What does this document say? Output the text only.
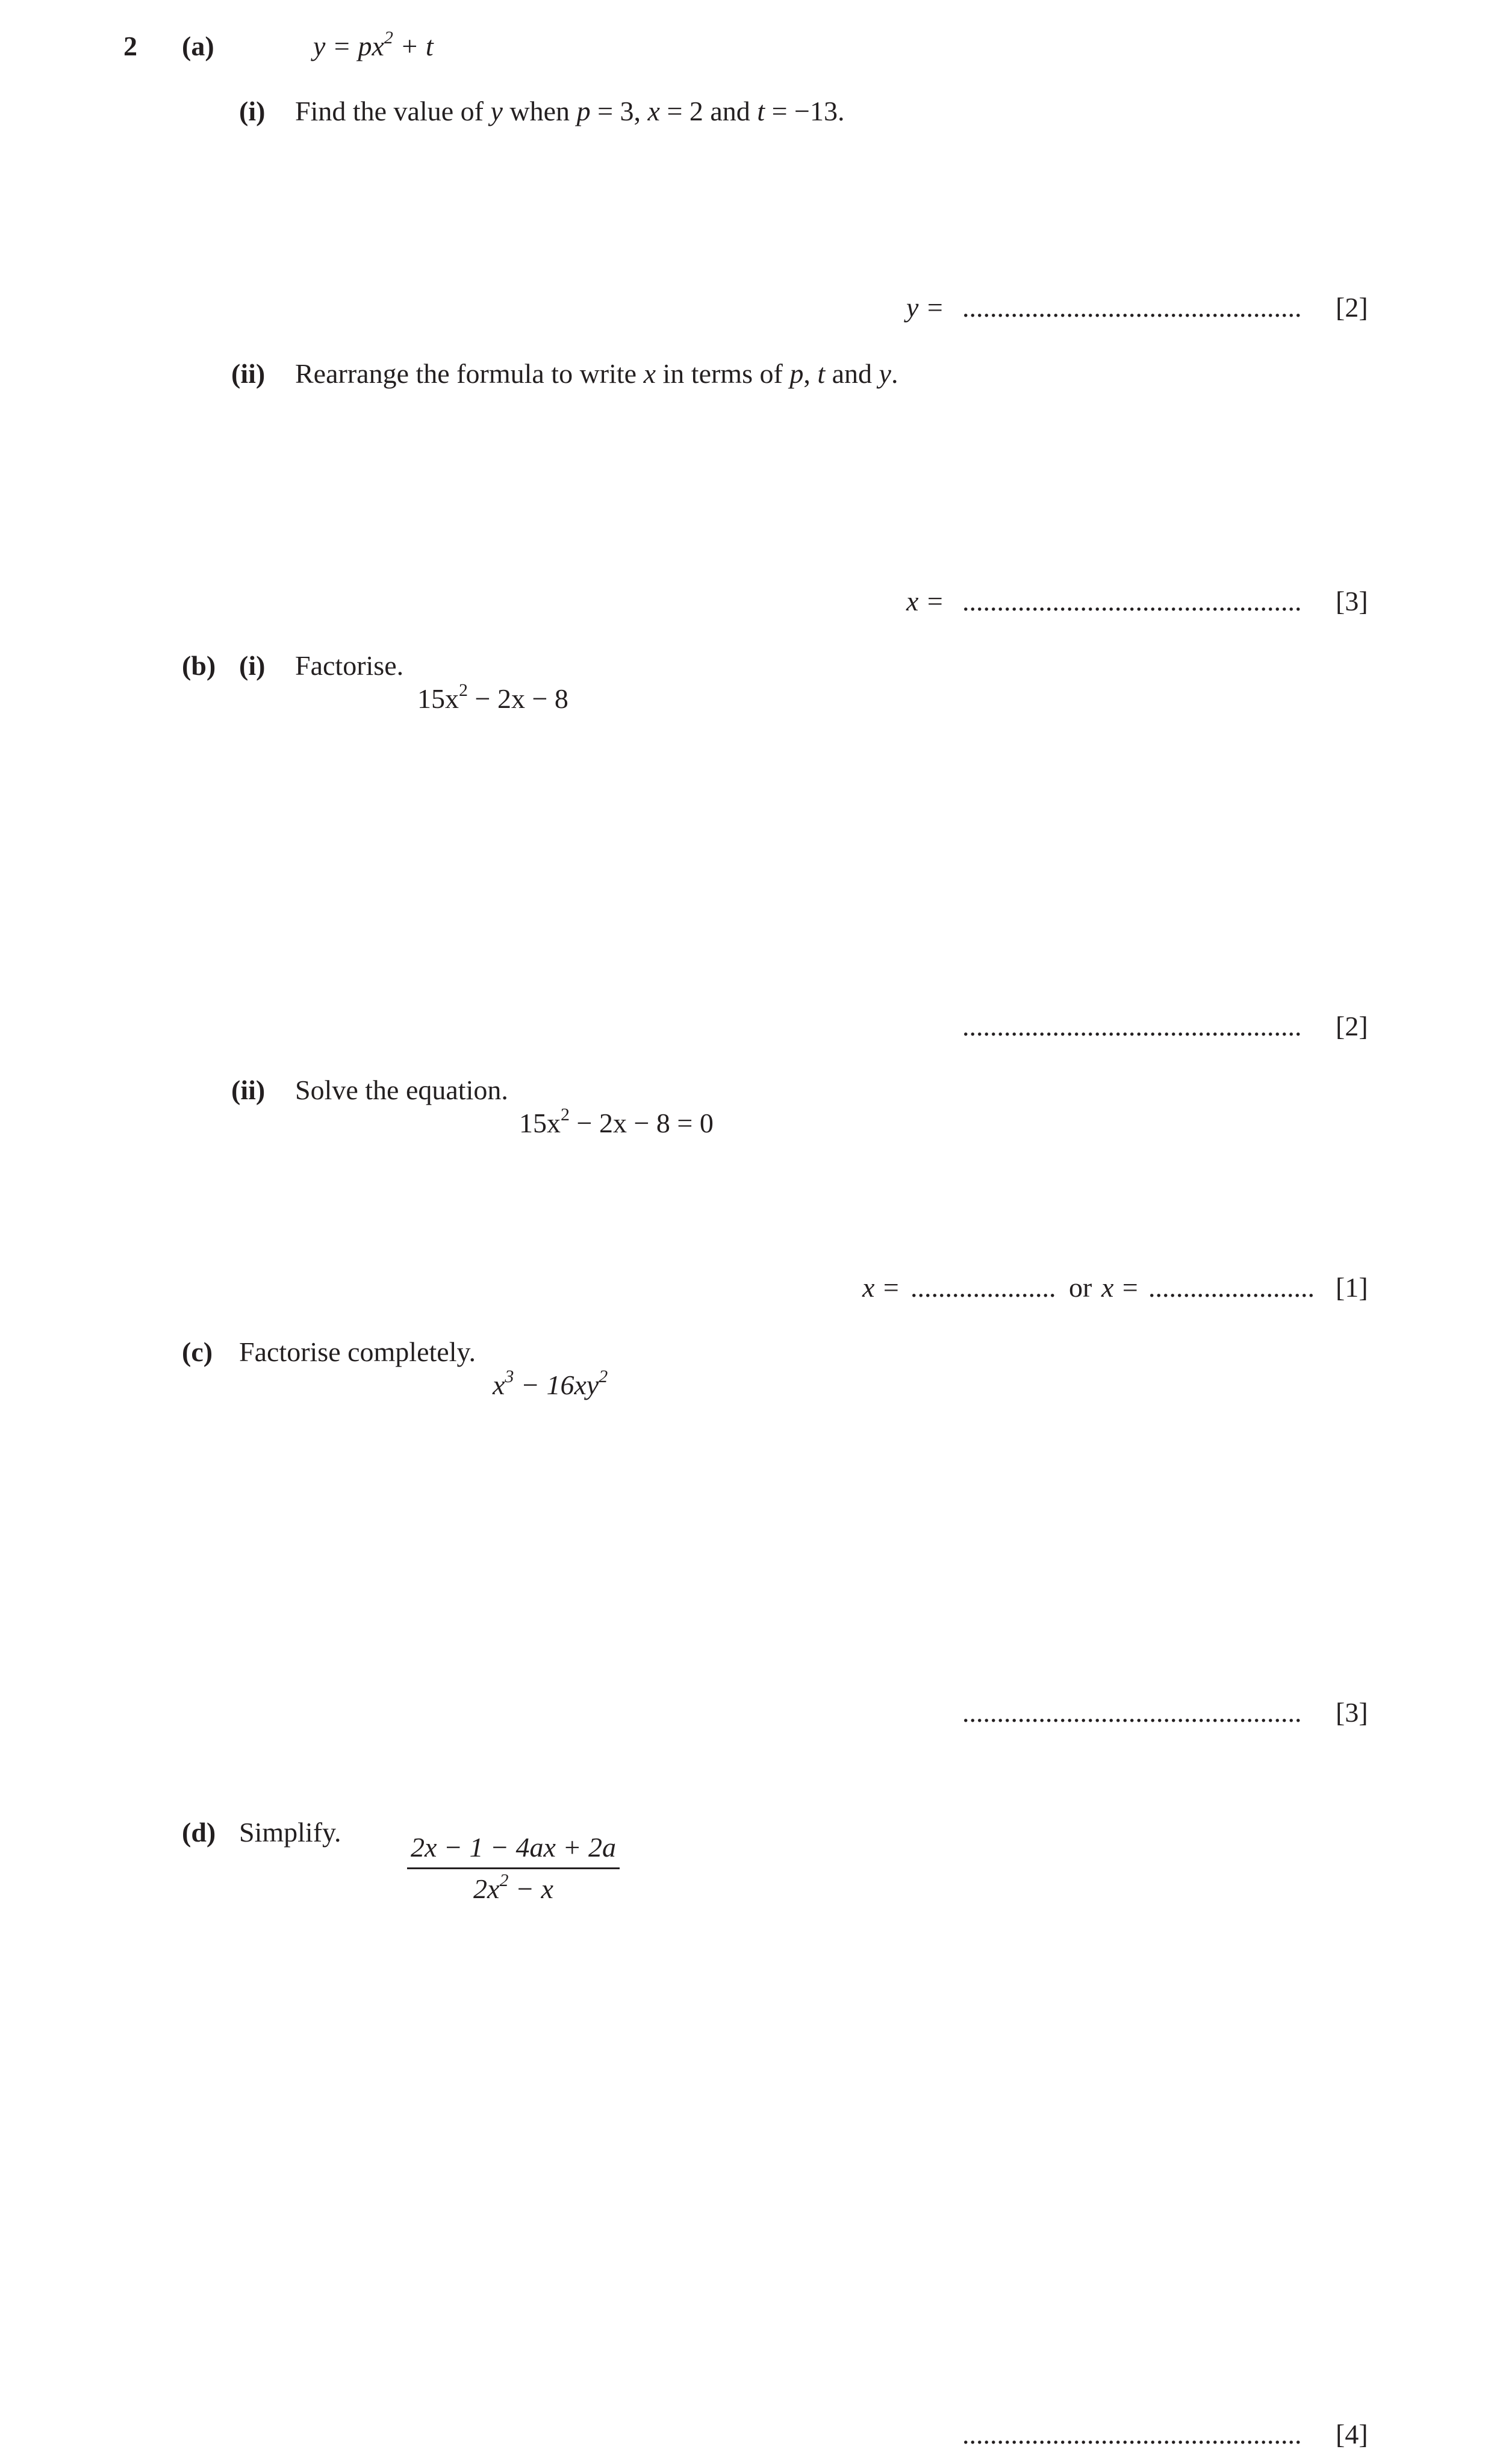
2 (a)	$y = px^2 + t$
(i) Find the value of y when p = 3, x = 2 and t = −13.
y = .................................................	[2]
(ii) Rearrange the formula to write x in terms of p, t and y.
x = .................................................	[3]
(b) (i) Factorise.
$15x^2 - 2x - 8$
.................................................	[2]
(ii) Solve the equation.
$15x^2 - 2x - 8 = 0$
x = ..................... or x = ........................ [1]
(c) Factorise completely.
$x^3 - 16xy^2$
.................................................	[3]
(d) Simplify.
$\frac{2x - 1 - 4ax + 2a}{2x^2 - x}$
.................................................	[4]
